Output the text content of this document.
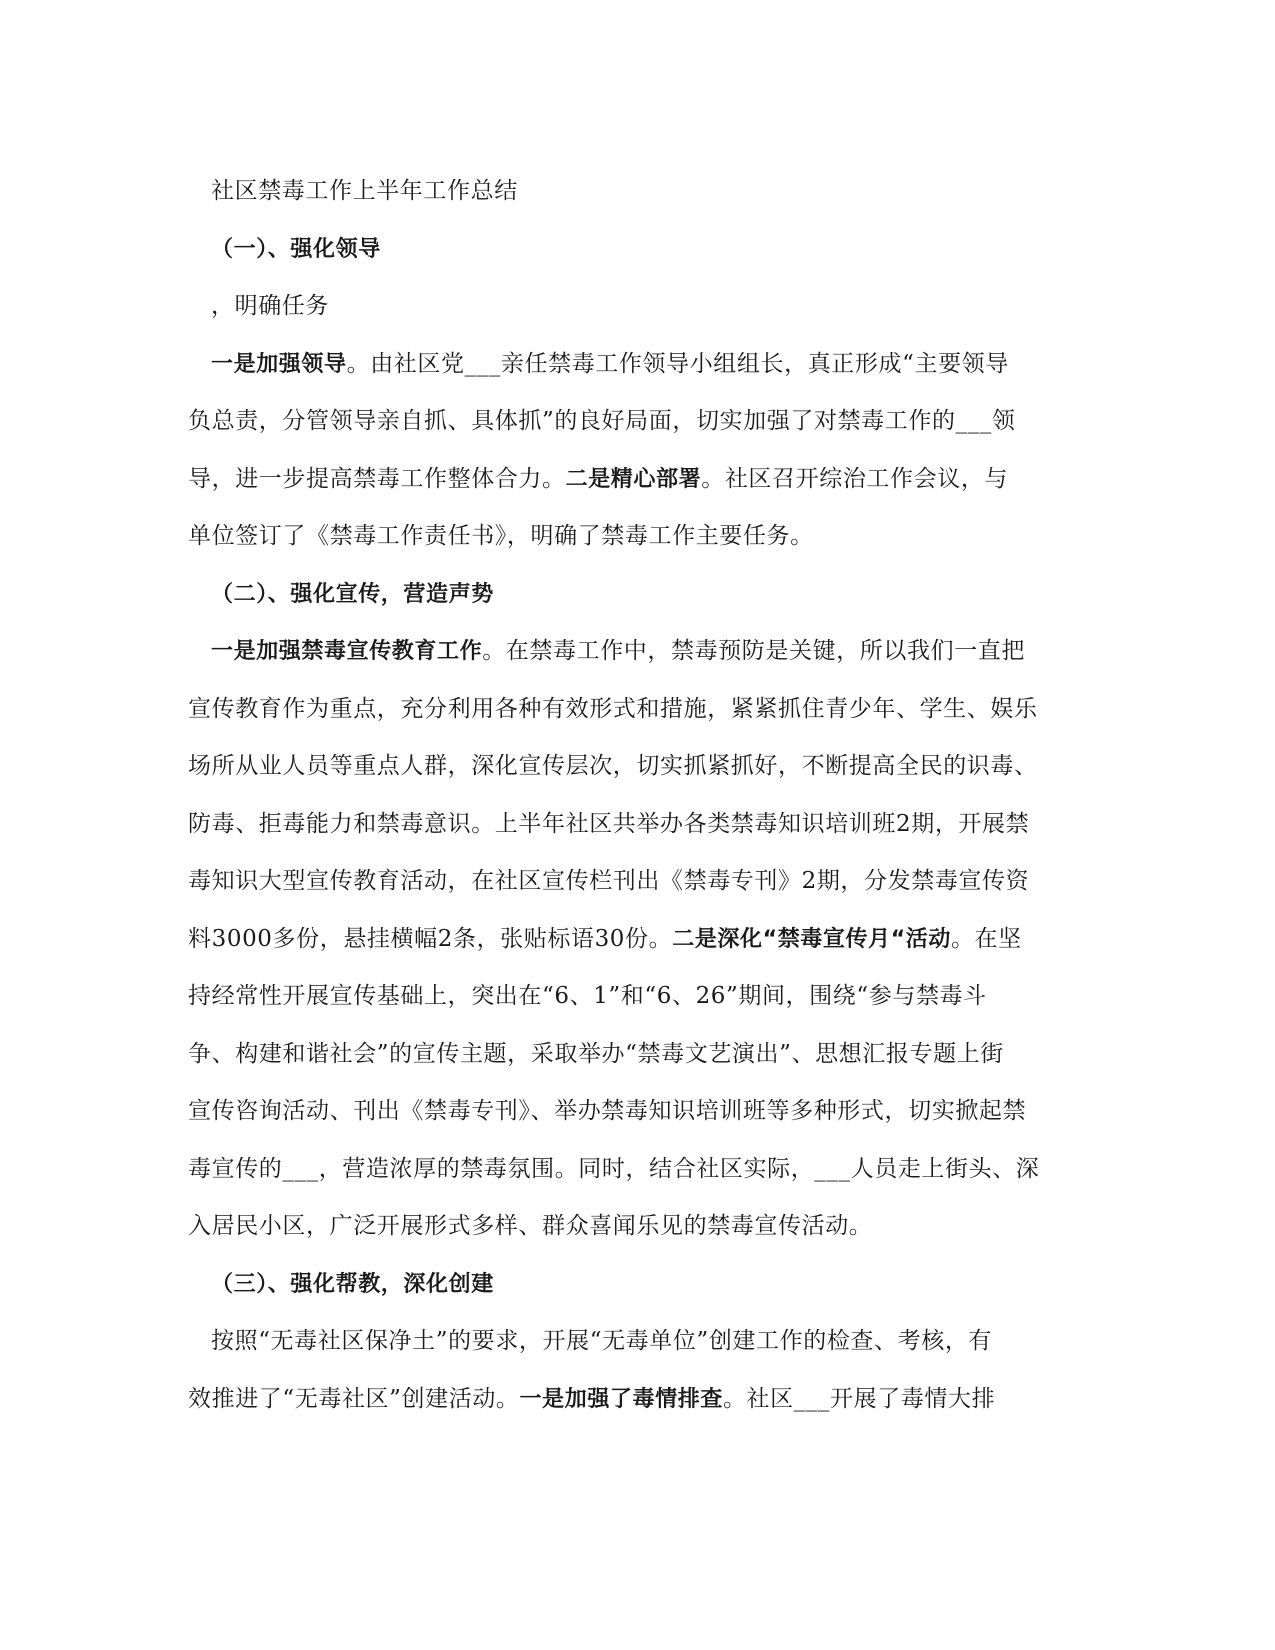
社区禁毒工作上半年工作总结
（一）、强化领导
，明确任务
一是加强领导。由社区党___亲任禁毒工作领导小组组长，真正形成“主要领导
负总责，分管领导亲自抓、具体抓”的良好局面，切实加强了对禁毒工作的___领
导，进一步提高禁毒工作整体合力。二是精心部署。社区召开综治工作会议，与
单位签订了《禁毒工作责任书》，明确了禁毒工作主要任务。
（二）、强化宣传，营造声势
一是加强禁毒宣传教育工作。在禁毒工作中，禁毒预防是关键，所以我们一直把
宣传教育作为重点，充分利用各种有效形式和措施，紧紧抓住青少年、学生、娱乐
场所从业人员等重点人群，深化宣传层次，切实抓紧抓好，不断提高全民的识毒、
防毒、拒毒能力和禁毒意识。上半年社区共举办各类禁毒知识培训班2期，开展禁
毒知识大型宣传教育活动，在社区宣传栏刊出《禁毒专刊》2期，分发禁毒宣传资
料3000多份，悬挂横幅2条，张贴标语30份。二是深化“禁毒宣传月“活动。在坚
持经常性开展宣传基础上，突出在“6、1”和“6、26”期间，围绕“参与禁毒斗
争、构建和谐社会”的宣传主题，采取举办“禁毒文艺演出”、思想汇报专题上街
宣传咨询活动、刊出《禁毒专刊》、举办禁毒知识培训班等多种形式，切实掀起禁
毒宣传的___，营造浓厚的禁毒氛围。同时，结合社区实际，___人员走上街头、深
入居民小区，广泛开展形式多样、群众喜闻乐见的禁毒宣传活动。
（三）、强化帮教，深化创建
按照“无毒社区保净土”的要求，开展“无毒单位”创建工作的检查、考核，有
效推进了“无毒社区”创建活动。一是加强了毒情排查。社区___开展了毒情大排
